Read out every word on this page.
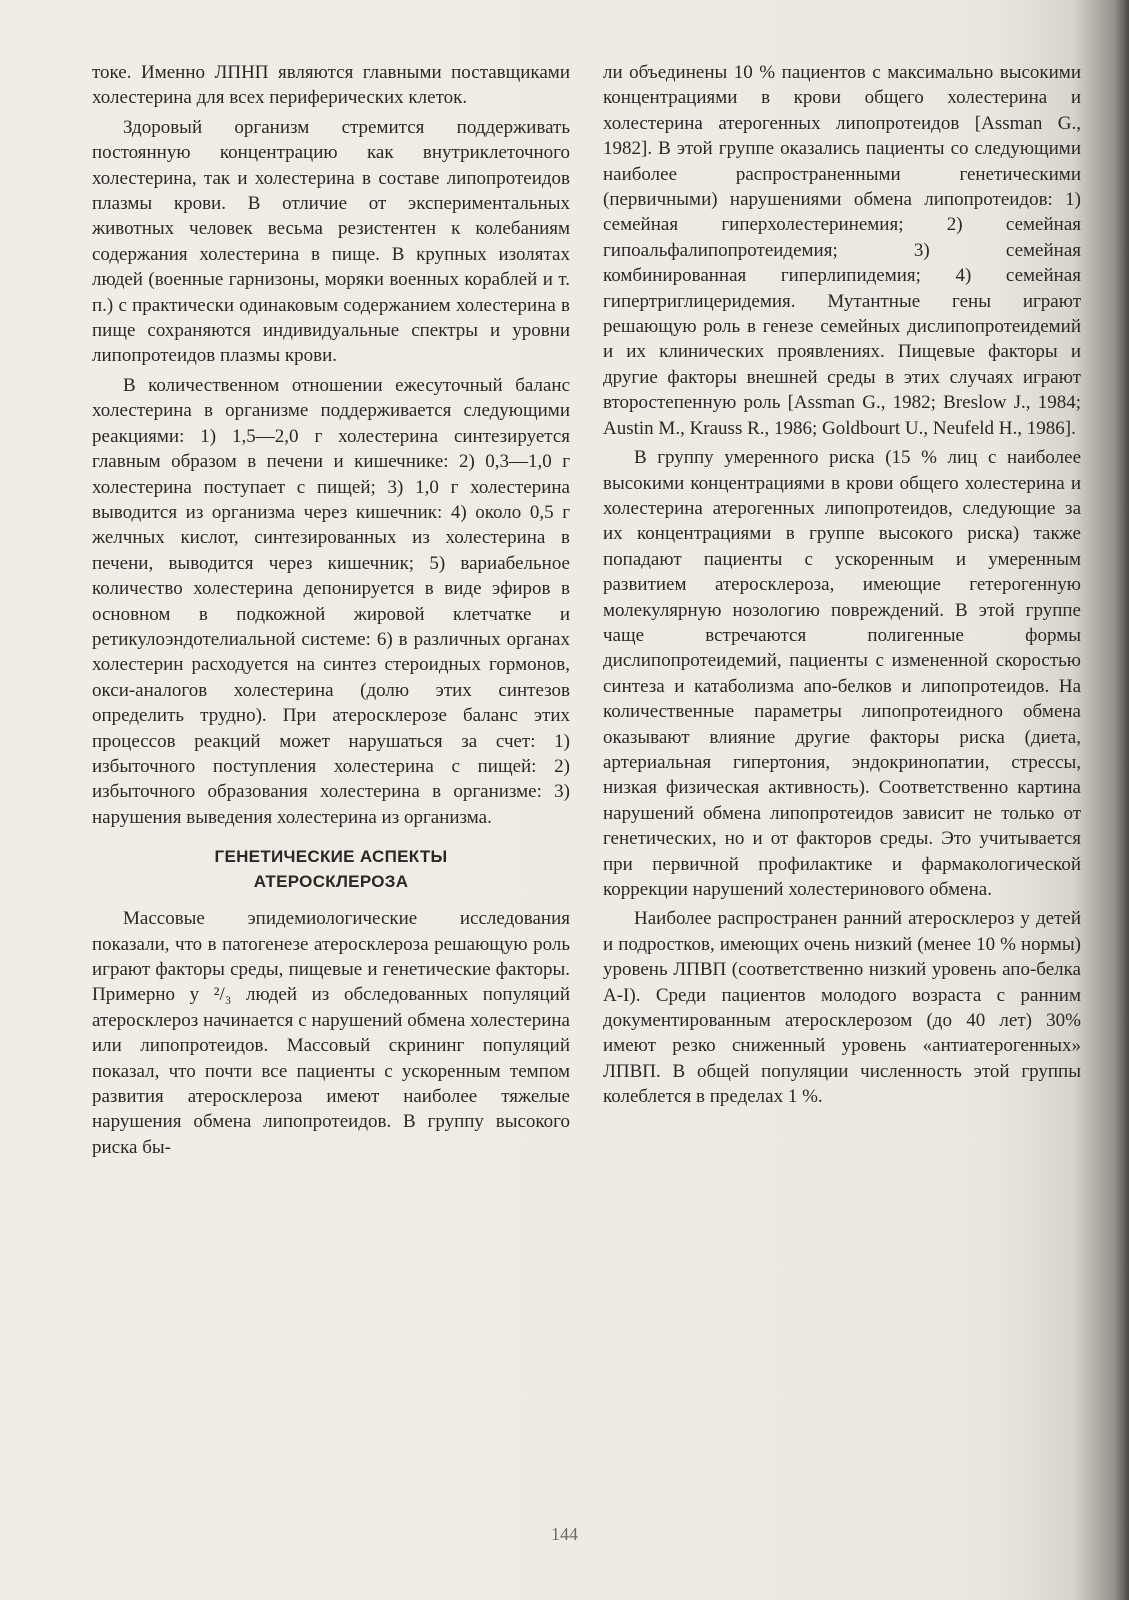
токе. Именно ЛПНП являются главными поставщиками холестерина для всех периферических клеток.

Здоровый организм стремится поддерживать постоянную концентрацию как внутриклеточного холестерина, так и холестерина в составе липопротеидов плазмы крови. В отличие от экспериментальных животных человек весьма резистентен к колебаниям содержания холестерина в пище. В крупных изолятах людей (военные гарнизоны, моряки военных кораблей и т. п.) с практически одинаковым содержанием холестерина в пище сохраняются индивидуальные спектры и уровни липопротеидов плазмы крови.

В количественном отношении ежесуточный баланс холестерина в организме поддерживается следующими реакциями: 1) 1,5—2,0 г холестерина синтезируется главным образом в печени и кишечнике: 2) 0,3—1,0 г холестерина поступает с пищей; 3) 1,0 г холестерина выводится из организма через кишечник: 4) около 0,5 г желчных кислот, синтезированных из холестерина в печени, выводится через кишечник; 5) вариабельное количество холестерина депонируется в виде эфиров в основном в подкожной жировой клетчатке и ретикулоэндотелиальной системе: 6) в различных органах холестерин расходуется на синтез стероидных гормонов, окси-аналогов холестерина (долю этих синтезов определить трудно). При атеросклерозе баланс этих процессов реакций может нарушаться за счет: 1) избыточного поступления холестерина с пищей: 2) избыточного образования холестерина в организме: 3) нарушения выведения холестерина из организма.

ГЕНЕТИЧЕСКИЕ АСПЕКТЫ
АТЕРОСКЛЕРОЗА

Массовые эпидемиологические исследования показали, что в патогенезе атеросклероза решающую роль играют факторы среды, пищевые и генетические факторы. Примерно у ²/₃ людей из обследованных популяций атеросклероз начинается с нарушений обмена холестерина или липопротеидов. Массовый скрининг популяций показал, что почти все пациенты с ускоренным темпом развития атеросклероза имеют наиболее тяжелые нарушения обмена липопротеидов. В группу высокого риска бы-

ли объединены 10 % пациентов с максимально высокими концентрациями в крови общего холестерина и холестерина атерогенных липопротеидов [Assman G., 1982]. В этой группе оказались пациенты со следующими наиболее распространенными генетическими (первичными) нарушениями обмена липопротеидов: 1) семейная гиперхолестеринемия; 2) семейная гипоальфалипопротеидемия; 3) семейная комбинированная гиперлипидемия; 4) семейная гипертриглицеридемия. Мутантные гены играют решающую роль в генезе семейных дислипопротеидемий и их клинических проявлениях. Пищевые факторы и другие факторы внешней среды в этих случаях играют второстепенную роль [Assman G., 1982; Breslow J., 1984; Austin M., Krauss R., 1986; Goldbourt U., Neufeld H., 1986].

В группу умеренного риска (15 % лиц с наиболее высокими концентрациями в крови общего холестерина и холестерина атерогенных липопротеидов, следующие за их концентрациями в группе высокого риска) также попадают пациенты с ускоренным и умеренным развитием атеросклероза, имеющие гетерогенную молекулярную нозологию повреждений. В этой группе чаще встречаются полигенные формы дислипопротеидемий, пациенты с измененной скоростью синтеза и катаболизма апо-белков и липопротеидов. На количественные параметры липопротеидного обмена оказывают влияние другие факторы риска (диета, артериальная гипертония, эндокринопатии, стрессы, низкая физическая активность). Соответственно картина нарушений обмена липопротеидов зависит не только от генетических, но и от факторов среды. Это учитывается при первичной профилактике и фармакологической коррекции нарушений холестеринового обмена.

Наиболее распространен ранний атеросклероз у детей и подростков, имеющих очень низкий (менее 10 % нормы) уровень ЛПВП (соответственно низкий уровень апо-белка А-I). Среди пациентов молодого возраста с ранним документированным атеросклерозом (до 40 лет) 30% имеют резко сниженный уровень «антиатерогенных» ЛПВП. В общей популяции численность этой группы колеблется в пределах 1 %.

144
